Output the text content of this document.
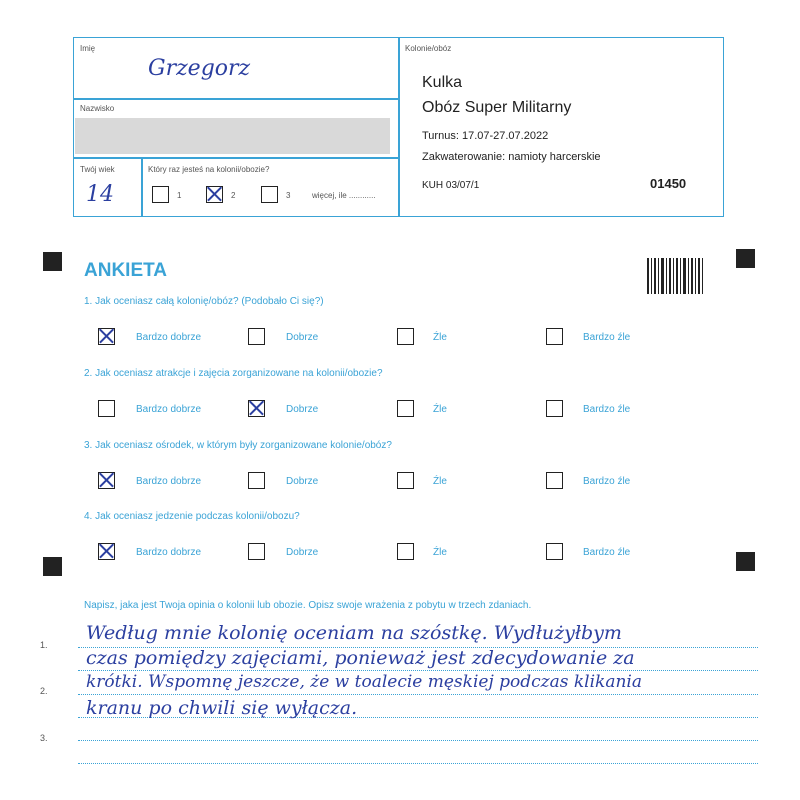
Imię
Grzegorz
Nazwisko
Twój wiek
14
Który raz jesteś na kolonii/obozie?
1	2	3	więcej, ile ............
Kolonie/obóz
Kulka
Obóz Super Militarny
Turnus: 17.07-27.07.2022
Zakwaterowanie: namioty harcerskie
KUH 03/07/1	01450
ANKIETA
1. Jak oceniasz całą kolonię/obóz? (Podobało Ci się?)
Bardzo dobrze	Dobrze	Źle	Bardzo źle
2. Jak oceniasz atrakcje i zajęcia zorganizowane na kolonii/obozie?
Bardzo dobrze	Dobrze	Źle	Bardzo źle
3. Jak oceniasz ośrodek, w którym były zorganizowane kolonie/obóz?
Bardzo dobrze	Dobrze	Źle	Bardzo źle
4. Jak oceniasz jedzenie podczas kolonii/obozu?
Bardzo dobrze	Dobrze	Źle	Bardzo źle
Napisz, jaka jest Twoja opinia o kolonii lub obozie. Opisz swoje wrażenia z pobytu w trzech zdaniach.
1.
2.
3.
Według mnie kolonię oceniam na szóstkę. Wydłużyłbym
czas pomiędzy zajęciami, ponieważ jest zdecydowanie za
krótki. Wspomnę jeszcze, że w toalecie męskiej podczas klikania
kranu po chwili się wyłącza.
